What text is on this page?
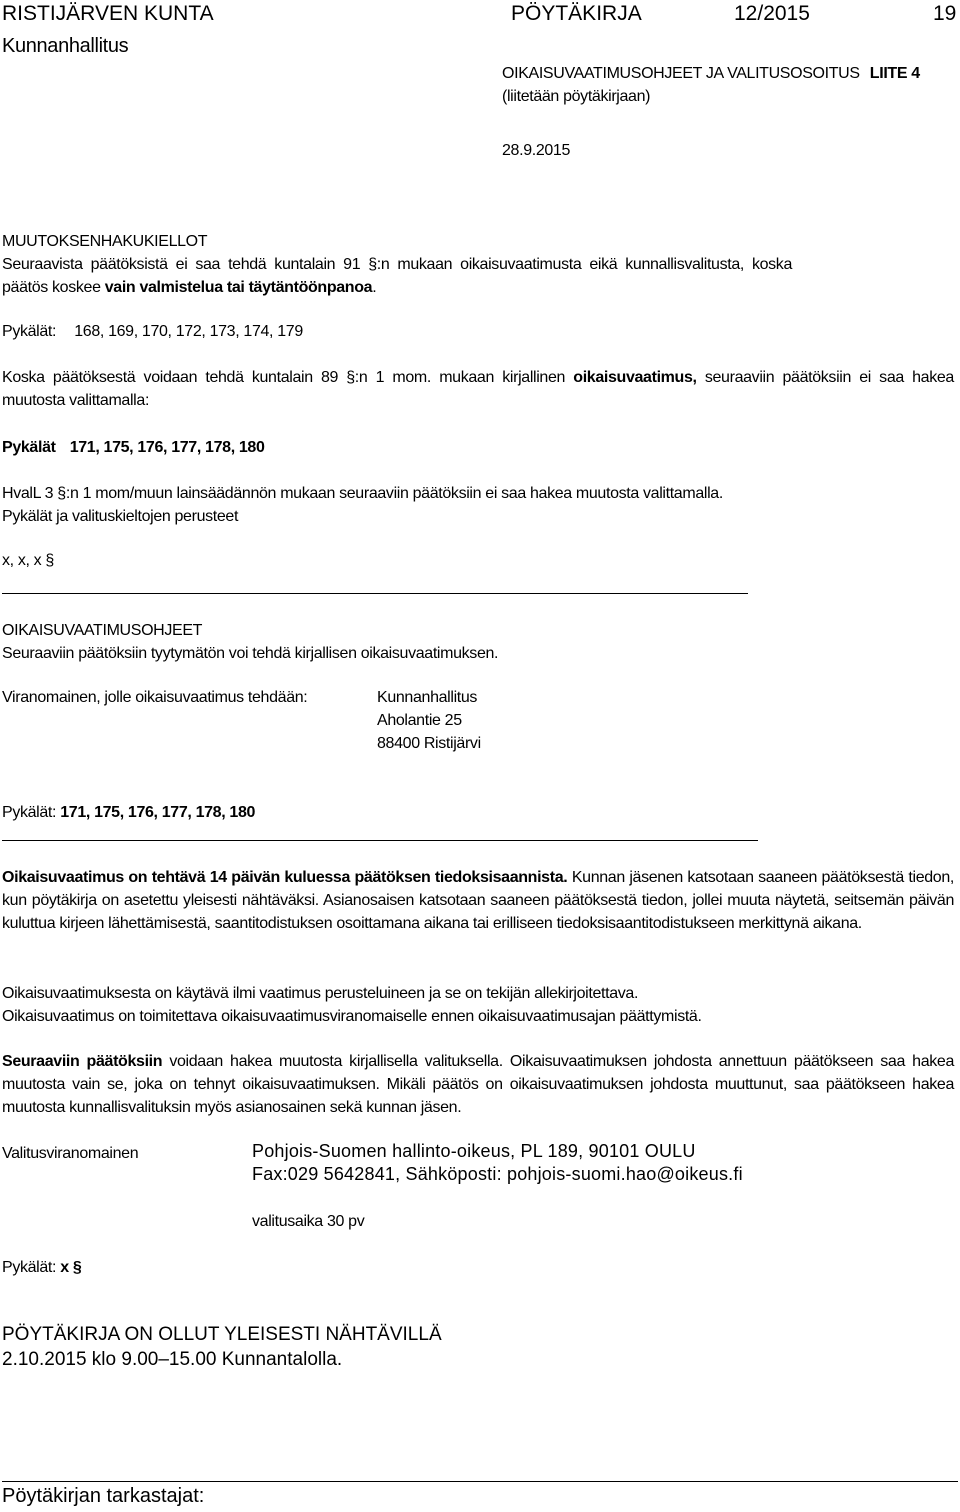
RISTIJÄRVEN KUNTA	PÖYTÄKIRJA	12/2015	19
Kunnanhallitus
OIKAISUVAATIMUSOHJEET JA VALITUSOSOITUS LIITE 4
(liitetään pöytäkirjaan)
28.9.2015
MUUTOKSENHAKUKIELLOT
Seuraavista päätöksistä ei saa tehdä kuntalain 91 §:n mukaan oikaisuvaatimusta eikä kunnallisvalitusta, koska päätös koskee vain valmistelua tai täytäntöönpanoa.
Pykälät: 168, 169, 170, 172, 173, 174, 179
Koska päätöksestä voidaan tehdä kuntalain 89 §:n 1 mom. mukaan kirjallinen oikaisuvaatimus, seuraaviin päätöksiin ei saa hakea muutosta valittamalla:
Pykälät 171, 175, 176, 177, 178, 180
HvalL 3 §:n 1 mom/muun lainsäädännön mukaan seuraaviin päätöksiin ei saa hakea muutosta valittamalla.
Pykälät ja valituskieltojen perusteet
x, x, x §
OIKAISUVAATIMUSOHJEET
Seuraaviin päätöksiin tyytymätön voi tehdä kirjallisen oikaisuvaatimuksen.
Viranomainen, jolle oikaisuvaatimus tehdään:	Kunnanhallitus
Aholantie 25
88400 Ristijärvi
Pykälät: 171, 175, 176, 177, 178, 180
Oikaisuvaatimus on tehtävä 14 päivän kuluessa päätöksen tiedoksisaannista. Kunnan jäsenen katsotaan saaneen päätöksestä tiedon, kun pöytäkirja on asetettu yleisesti nähtäväksi. Asianosaisen katsotaan saaneen päätöksestä tiedon, jollei muuta näytetä, seitsemän päivän kuluttua kirjeen lähettämisestä, saantitodistuksen osoittamana aikana tai erilliseen tiedoksisaantitodistukseen merkittynä aikana.
Oikaisuvaatimuksesta on käytävä ilmi vaatimus perusteluineen ja se on tekijän allekirjoitettava.
Oikaisuvaatimus on toimitettava oikaisuvaatimusviranomaiselle ennen oikaisuvaatimusajan päättymistä.
Seuraaviin päätöksiin voidaan hakea muutosta kirjallisella valituksella. Oikaisuvaatimuksen johdosta annettuun päätökseen saa hakea muutosta vain se, joka on tehnyt oikaisuvaatimuksen. Mikäli päätös on oikaisuvaatimuksen johdosta muuttunut, saa päätökseen hakea muutosta kunnallisvalituksin myös asianosainen sekä kunnan jäsen.
Valitusviranomainen	Pohjois-Suomen hallinto-oikeus, PL 189, 90101 OULU
Fax:029 5642841, Sähköposti: pohjois-suomi.hao@oikeus.fi
valitusaika 30 pv
Pykälät: x §
PÖYTÄKIRJA ON OLLUT YLEISESTI NÄHTÄVILLÄ
2.10.2015 klo 9.00–15.00 Kunnantalolla.
Pöytäkirjan tarkastajat:
